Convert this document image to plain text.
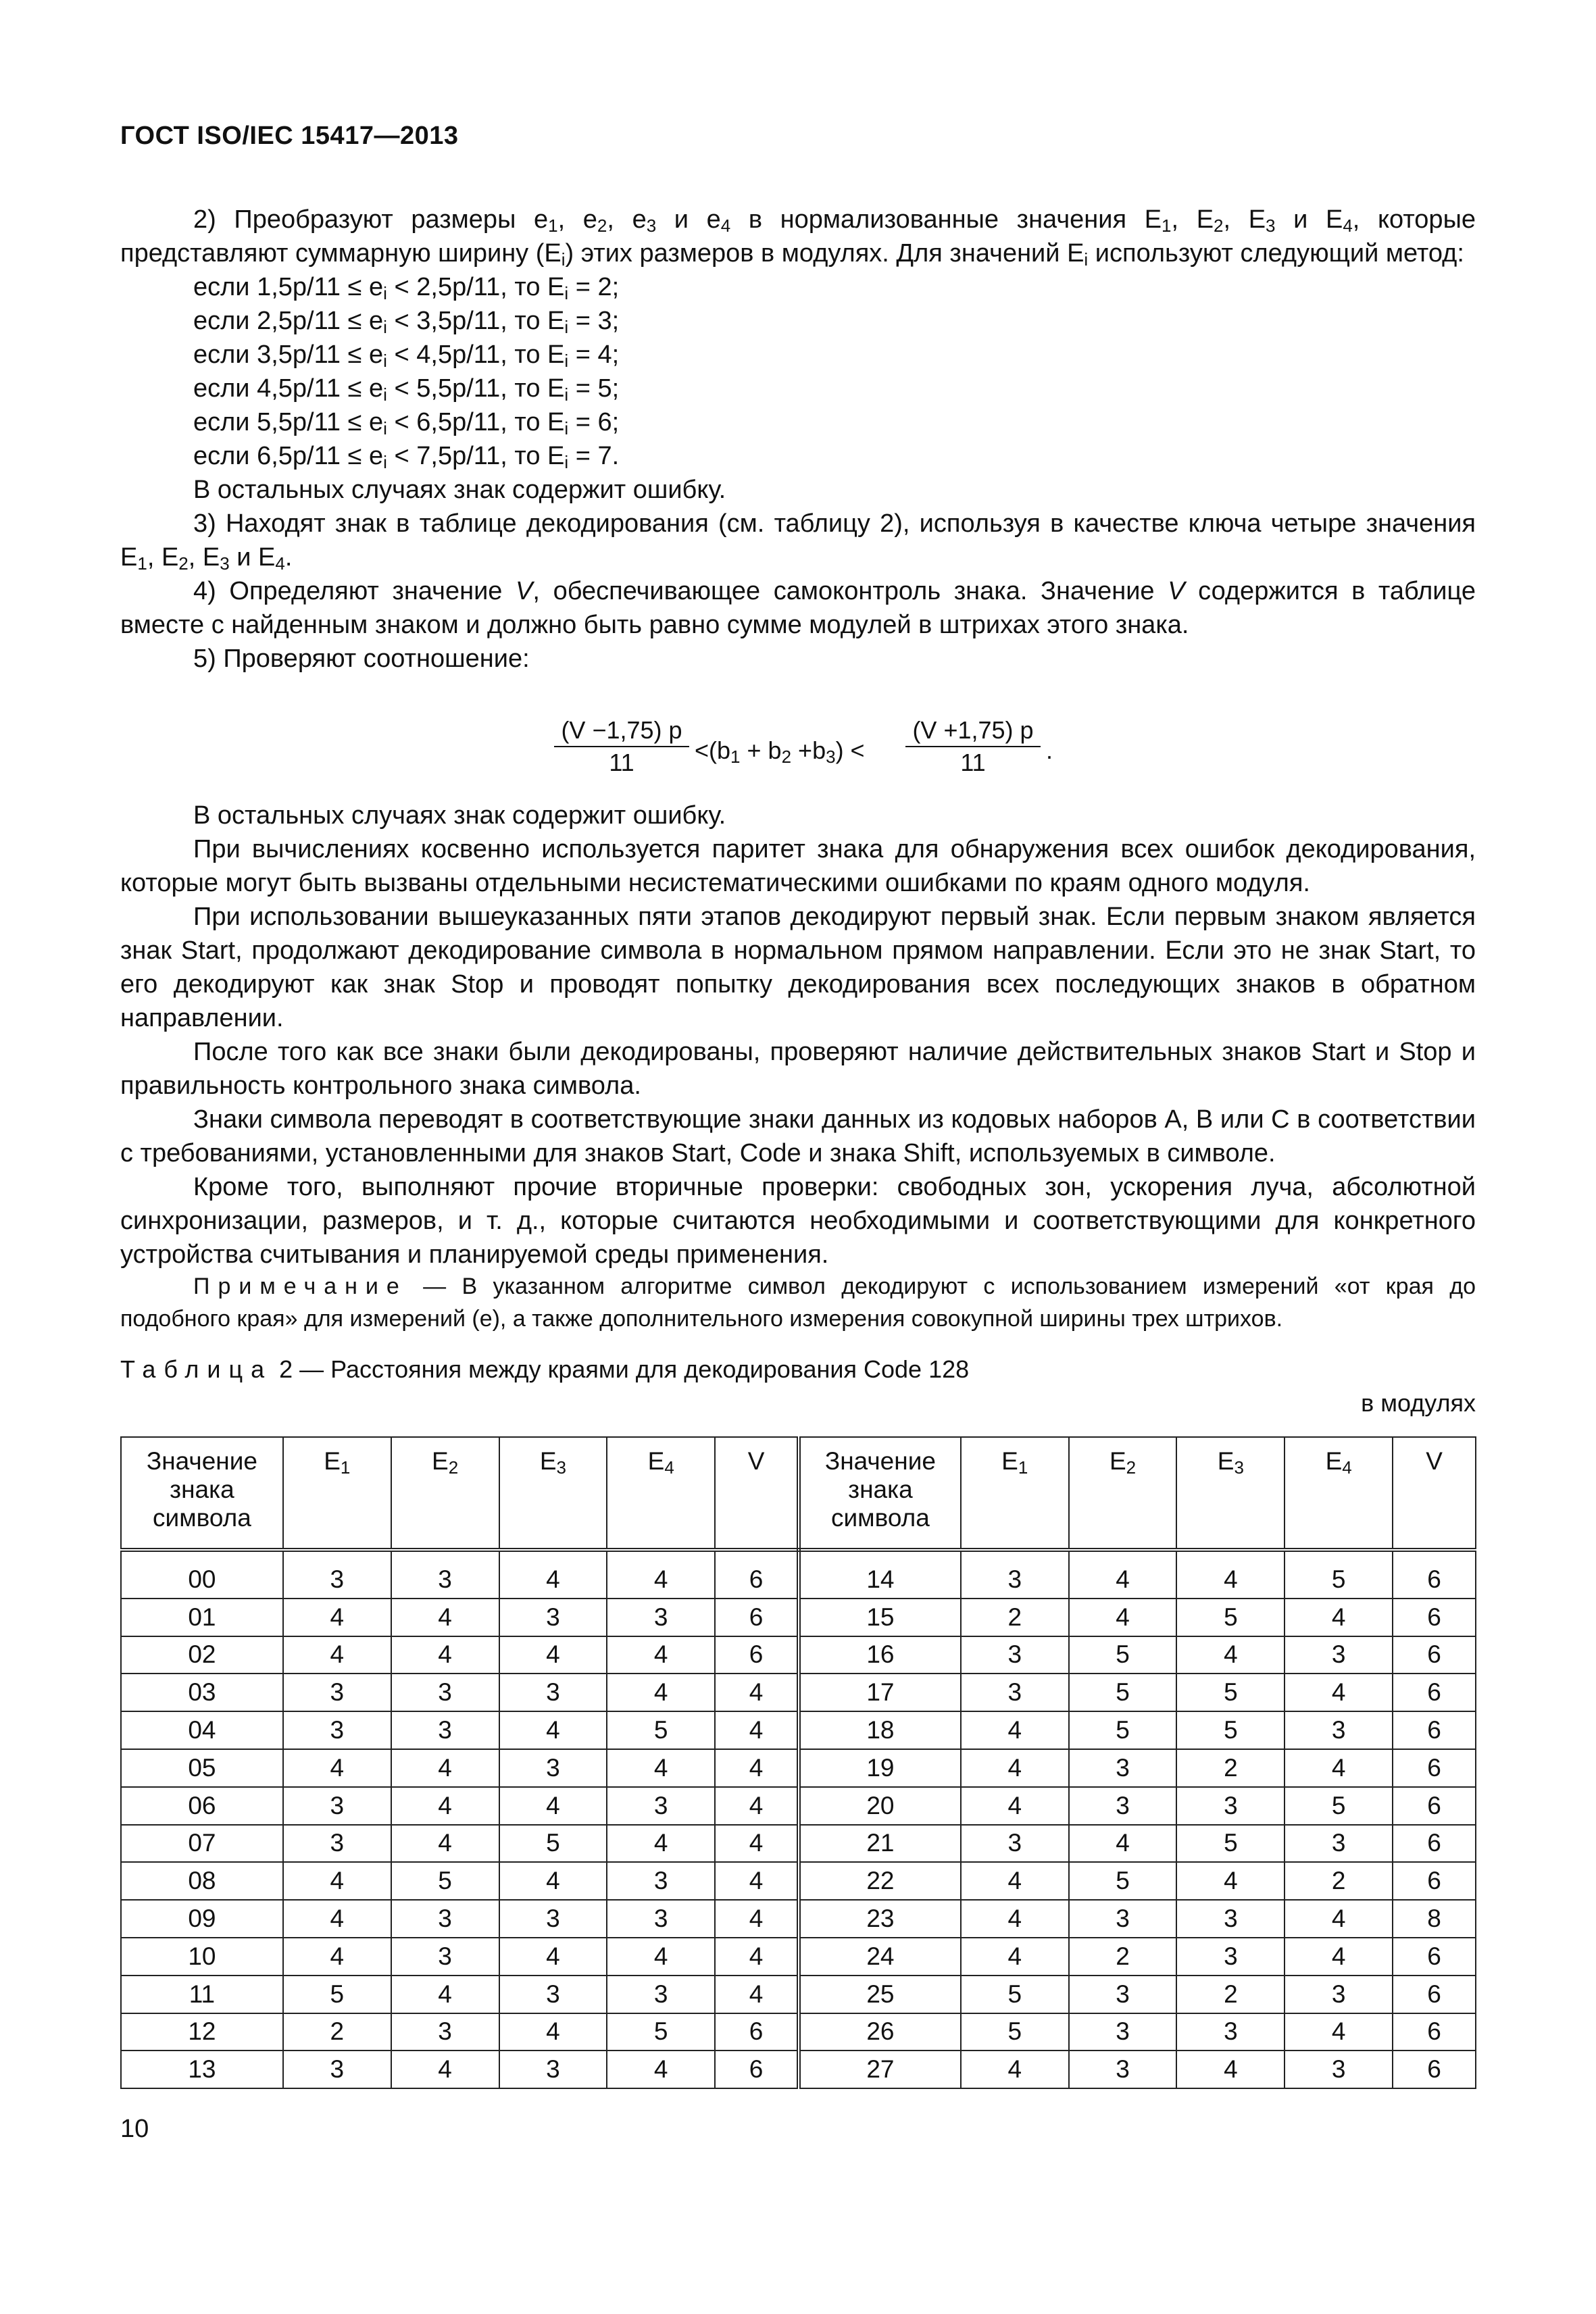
ГОСТ ISO/IEC 15417—2013

2) Преобразуют размеры $e_1$, $e_2$, $e_3$ и $e_4$ в нормализованные значения $E_1$, $E_2$, $E_3$ и $E_4$, которые представляют суммарную ширину $(E_i)$ этих размеров в модулях. Для значений $E_i$ используют следующий метод:

если $1,5p/11 \le e_i < 2,5p/11$, то $E_i = 2$;

если $2,5p/11 \le e_i < 3,5p/11$, то $E_i = 3$;

если $3,5p/11 \le e_i < 4,5p/11$, то $E_i = 4$;

если $4,5p/11 \le e_i < 5,5p/11$, то $E_i = 5$;

если $5,5p/11 \le e_i < 6,5p/11$, то $E_i = 6$;

если $6,5p/11 \le e_i < 7,5p/11$, то $E_i = 7$.

В остальных случаях знак содержит ошибку.

3) Находят знак в таблице декодирования (см. таблицу 2), используя в качестве ключа четыре значения $E_1$, $E_2$, $E_3$ и $E_4$.

4) Определяют значение V, обеспечивающее самоконтроль знака. Значение V содержится в таблице вместе с найденным знаком и должно быть равно сумме модулей в штрихах этого знака.

5) Проверяют соотношение:

(V −1,75) p
11	$<(b_1 + b_2 +b_3)$ <
(V +1,75) p
11	.

В остальных случаях знак содержит ошибку.

При вычислениях косвенно используется паритет знака для обнаружения всех ошибок декодирования, которые могут быть вызваны отдельными несистематическими ошибками по краям одного модуля.

При использовании вышеуказанных пяти этапов декодируют первый знак. Если первым знаком является знак Start, продолжают декодирование символа в нормальном прямом направлении. Если это не знак Start, то его декодируют как знак Stop и проводят попытку декодирования всех последующих знаков в обратном направлении.

После того как все знаки были декодированы, проверяют наличие действительных знаков Start и Stop и правильность контрольного знака символа.

Знаки символа переводят в соответствующие знаки данных из кодовых наборов A, B или C в соответствии с требованиями, установленными для знаков Start, Code и знака Shift, используемых в символе.

Кроме того, выполняют прочие вторичные проверки: свободных зон, ускорения луча, абсолютной синхронизации, размеров, и т. д., которые считаются необходимыми и соответствующими для конкретного устройства считывания и планируемой среды применения.

Примечание — В указанном алгоритме символ декодируют с использованием измерений «от края до подобного края» для измерений (е), а также дополнительного измерения совокупной ширины трех штрихов.

Таблица 2 — Расстояния между краями для декодирования Code 128
в модулях
Значение знака символа	$E_1$	$E_2$	$E_3$	$E_4$	V	Значение знака символа	$E_1$	$E_2$	$E_3$	$E_4$	V
00	3	3	4	4	6	14	3	4	4	5	6
01	4	4	3	3	6	15	2	4	5	4	6
02	4	4	4	4	6	16	3	5	4	3	6
03	3	3	3	4	4	17	3	5	5	4	6
04	3	3	4	5	4	18	4	5	5	3	6
05	4	4	3	4	4	19	4	3	2	4	6
06	3	4	4	3	4	20	4	3	3	5	6
07	3	4	5	4	4	21	3	4	5	3	6
08	4	5	4	3	4	22	4	5	4	2	6
09	4	3	3	3	4	23	4	3	3	4	8
10	4	3	4	4	4	24	4	2	3	4	6
11	5	4	3	3	4	25	5	3	2	3	6
12	2	3	4	5	6	26	5	3	3	4	6
13	3	4	3	4	6	27	4	3	4	3	6
10
